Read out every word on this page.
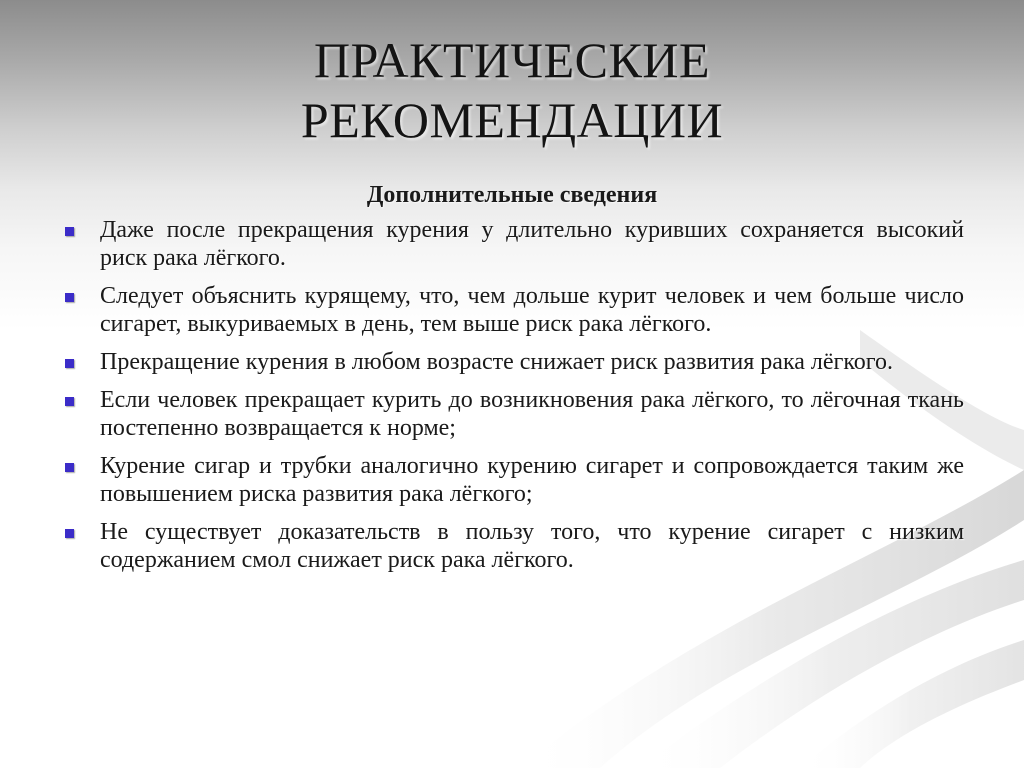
ПРАКТИЧЕСКИЕ
РЕКОМЕНДАЦИИ
Дополнительные сведения
Даже после прекращения курения у длительно куривших сохраняется высокий риск рака лёгкого.
Следует объяснить курящему, что, чем дольше курит человек и чем больше число сигарет, выкуриваемых в день, тем выше риск рака лёгкого.
Прекращение курения в любом возрасте снижает риск развития рака лёгкого.
Если человек прекращает курить до возникновения рака лёгкого, то лёгочная ткань постепенно возвращается к норме;
Курение сигар и трубки аналогично курению сигарет и сопровождается таким же повышением риска развития рака лёгкого;
Не существует доказательств в пользу того, что курение сигарет с низким содержанием смол снижает риск рака лёгкого.
